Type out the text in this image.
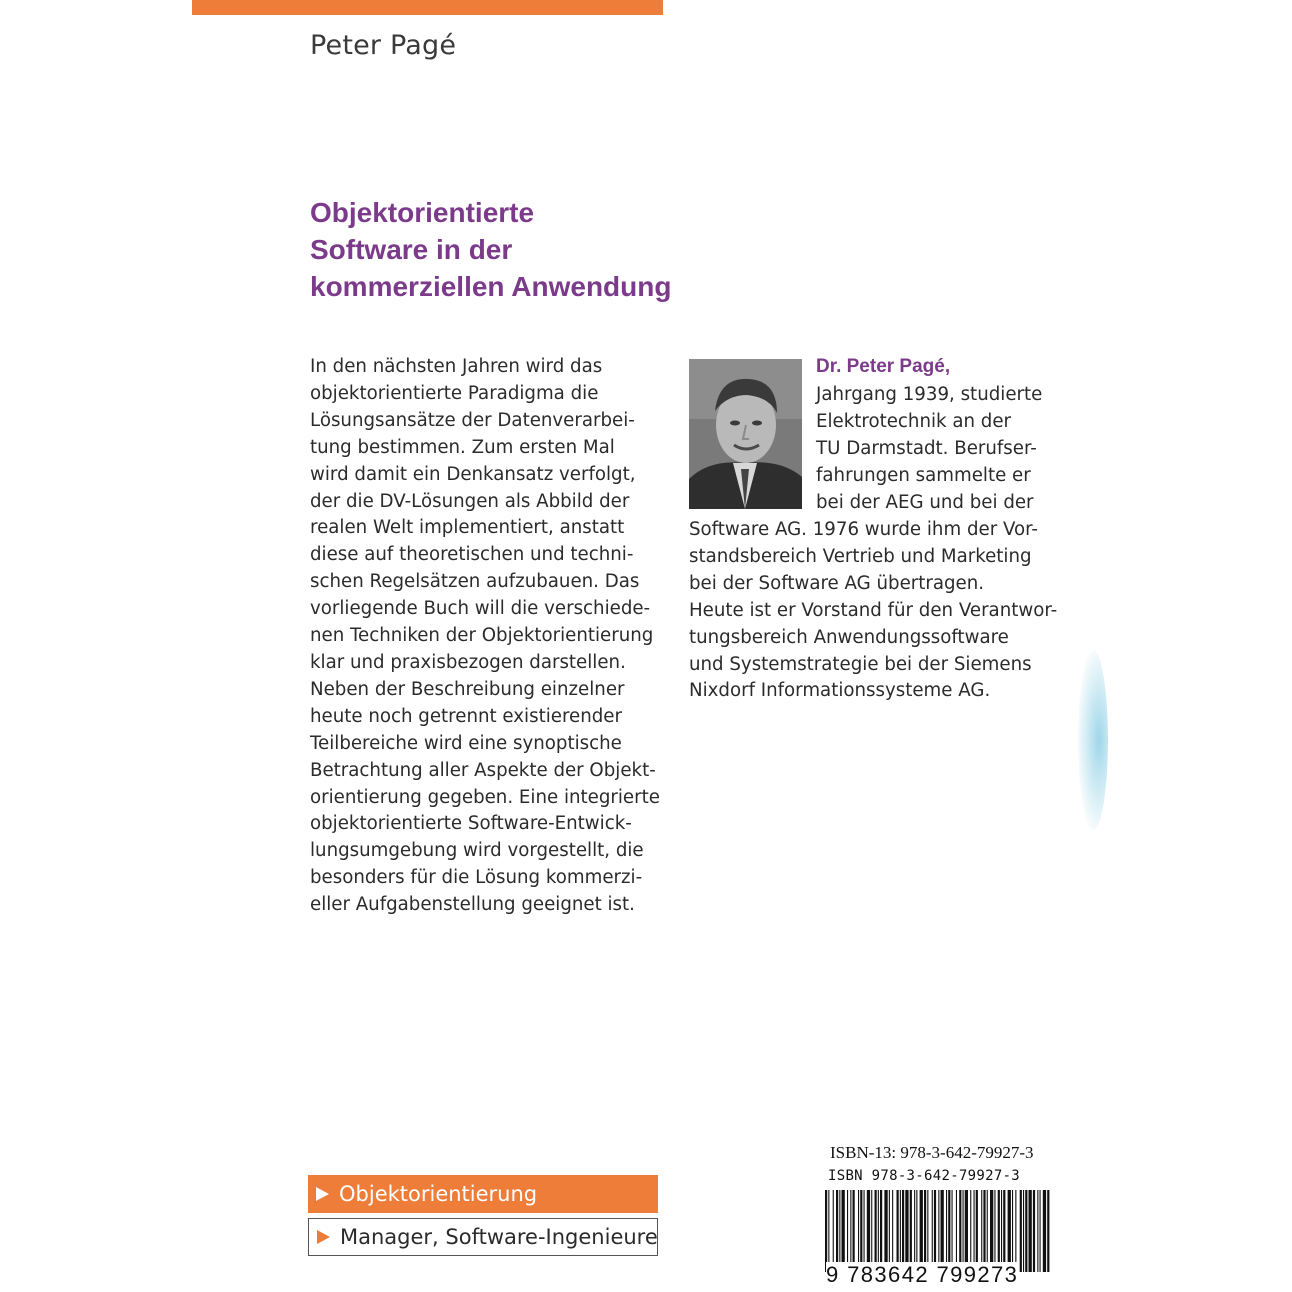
Peter Pagé
Objektorientierte
Software in der
kommerziellen Anwendung
In den nächsten Jahren wird das
objektorientierte Paradigma die
Lösungsansätze der Datenverarbei-
tung bestimmen. Zum ersten Mal
wird damit ein Denkansatz verfolgt,
der die DV-Lösungen als Abbild der
realen Welt implementiert, anstatt
diese auf theoretischen und techni-
schen Regelsätzen aufzubauen. Das
vorliegende Buch will die verschiede-
nen Techniken der Objektorientierung
klar und praxisbezogen darstellen.
Neben der Beschreibung einzelner
heute noch getrennt existierender
Teilbereiche wird eine synoptische
Betrachtung aller Aspekte der Objekt-
orientierung gegeben. Eine integrierte
objektorientierte Software-Entwick-
lungsumgebung wird vorgestellt, die
besonders für die Lösung kommerzi-
eller Aufgabenstellung geeignet ist.
Dr. Peter Pagé,
Jahrgang 1939, studierte
Elektrotechnik an der
TU Darmstadt. Berufser-
fahrungen sammelte er
bei der AEG und bei der
Software AG. 1976 wurde ihm der Vor-
standsbereich Vertrieb und Marketing
bei der Software AG übertragen.
Heute ist er Vorstand für den Verantwor-
tungsbereich Anwendungssoftware
und Systemstrategie bei der Siemens
Nixdorf Informationssysteme AG.
Objektorientierung
Manager, Software-Ingenieure
ISBN-13: 978-3-642-79927-3
ISBN 978-3-642-79927-3
9 783642 799273
